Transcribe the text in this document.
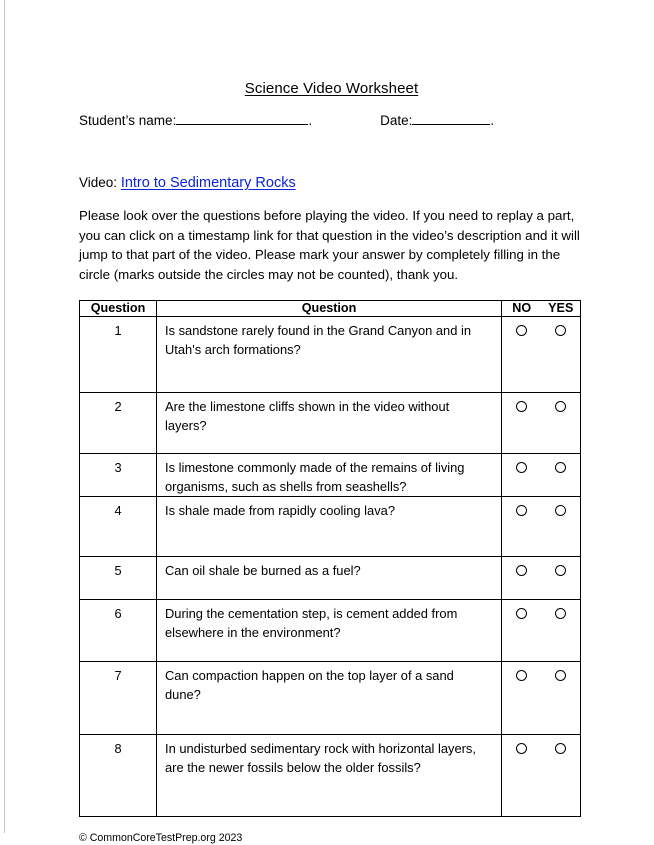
Science Video Worksheet
Student’s name:	.	Date:	.
Video: Intro to Sedimentary Rocks
Please look over the questions before playing the video. If you need to replay a part, you can click on a timestamp link for that question in the video’s description and it will jump to that part of the video. Please mark your answer by completely filling in the circle (marks outside the circles may not be counted), thank you.
Question	Question	NO	YES
1	Is sandstone rarely found in the Grand Canyon and in Utah's arch formations?		
2	Are the limestone cliffs shown in the video without layers?		
3	Is limestone commonly made of the remains of living organisms, such as shells from seashells?		
4	Is shale made from rapidly cooling lava?		
5	Can oil shale be burned as a fuel?		
6	During the cementation step, is cement added from elsewhere in the environment?		
7	Can compaction happen on the top layer of a sand dune?		
8	In undisturbed sedimentary rock with horizontal layers, are the newer fossils below the older fossils?		
© CommonCoreTestPrep.org 2023
